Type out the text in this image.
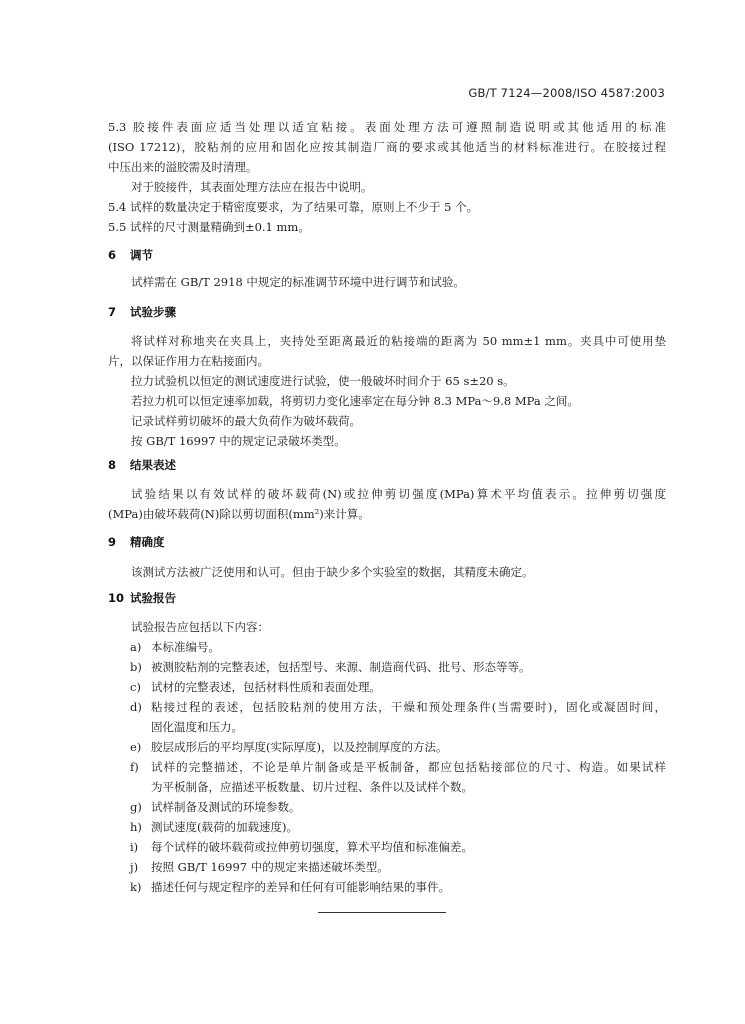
GB/T 7124—2008/ISO 4587:2003
5.3 胶接件表面应适当处理以适宜粘接。表面处理方法可遵照制造说明或其他适用的标准
(ISO 17212)，胶粘剂的应用和固化应按其制造厂商的要求或其他适当的材料标准进行。在胶接过程
中压出来的溢胶需及时清理。
对于胶接件，其表面处理方法应在报告中说明。
5.4 试样的数量决定于精密度要求，为了结果可靠，原则上不少于 5 个。
5.5 试样的尺寸测量精确到±0.1 mm。
6 调节
试样需在 GB/T 2918 中规定的标准调节环境中进行调节和试验。
7 试验步骤
将试样对称地夹在夹具上，夹持处至距离最近的粘接端的距离为 50 mm±1 mm。夹具中可使用垫
片，以保证作用力在粘接面内。
拉力试验机以恒定的测试速度进行试验，使一般破坏时间介于 65 s±20 s。
若拉力机可以恒定速率加载，将剪切力变化速率定在每分钟 8.3 MPa～9.8 MPa 之间。
记录试样剪切破坏的最大负荷作为破坏载荷。
按 GB/T 16997 中的规定记录破坏类型。
8 结果表述
试验结果以有效试样的破坏载荷(N)或拉伸剪切强度(MPa)算术平均值表示。拉伸剪切强度
(MPa)由破坏载荷(N)除以剪切面积(mm²)来计算。
9 精确度
该测试方法被广泛使用和认可。但由于缺少多个实验室的数据，其精度未确定。
10 试验报告
试验报告应包括以下内容：
a) 本标准编号。
b) 被测胶粘剂的完整表述，包括型号、来源、制造商代码、批号、形态等等。
c) 试材的完整表述，包括材料性质和表面处理。
d) 粘接过程的表述，包括胶粘剂的使用方法，干燥和预处理条件(当需要时)，固化或凝固时间，
固化温度和压力。
e) 胶层成形后的平均厚度(实际厚度)，以及控制厚度的方法。
f) 试样的完整描述，不论是单片制备或是平板制备，都应包括粘接部位的尺寸、构造。如果试样
为平板制备，应描述平板数量、切片过程、条件以及试样个数。
g) 试样制备及测试的环境参数。
h) 测试速度(载荷的加载速度)。
i) 每个试样的破坏载荷或拉伸剪切强度，算术平均值和标准偏差。
j) 按照 GB/T 16997 中的规定来描述破坏类型。
k) 描述任何与规定程序的差异和任何有可能影响结果的事件。
